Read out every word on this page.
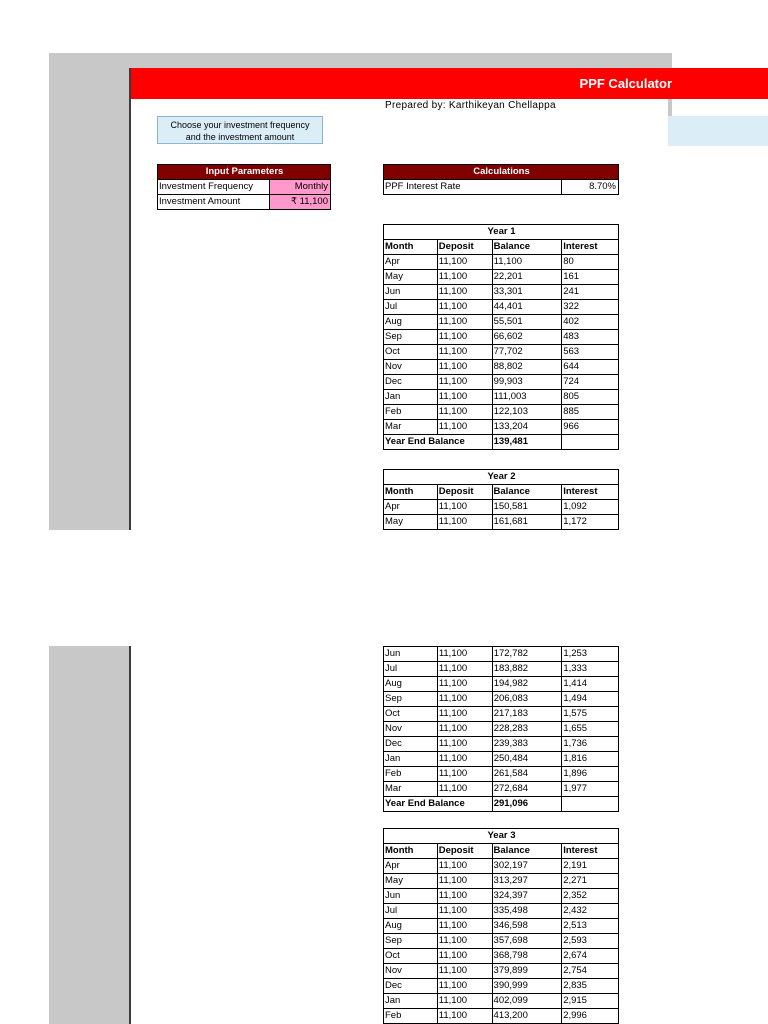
PPF Calculator
Prepared by: Karthikeyan Chellappa
Choose your investment frequency
and the investment amount
Input Parameters	
Investment Frequency	Monthly
Investment Amount	₹ 11,100
Calculations
PPF Interest Rate	8.70%
Year 1			
Month	Deposit	Balance	Interest
Apr	11,100	11,100	80
May	11,100	22,201	161
Jun	11,100	33,301	241
Jul	11,100	44,401	322
Aug	11,100	55,501	402
Sep	11,100	66,602	483
Oct	11,100	77,702	563
Nov	11,100	88,802	644
Dec	11,100	99,903	724
Jan	11,100	111,003	805
Feb	11,100	122,103	885
Mar	11,100	133,204	966
Year End Balance		139,481	
Year 2			
Month	Deposit	Balance	Interest
Apr	11,100	150,581	1,092
May	11,100	161,681	1,172
Jun	11,100	172,782	1,253
Jul	11,100	183,882	1,333
Aug	11,100	194,982	1,414
Sep	11,100	206,083	1,494
Oct	11,100	217,183	1,575
Nov	11,100	228,283	1,655
Dec	11,100	239,383	1,736
Jan	11,100	250,484	1,816
Feb	11,100	261,584	1,896
Mar	11,100	272,684	1,977
Year End Balance		291,096	
Year 3			
Month	Deposit	Balance	Interest
Apr	11,100	302,197	2,191
May	11,100	313,297	2,271
Jun	11,100	324,397	2,352
Jul	11,100	335,498	2,432
Aug	11,100	346,598	2,513
Sep	11,100	357,698	2,593
Oct	11,100	368,798	2,674
Nov	11,100	379,899	2,754
Dec	11,100	390,999	2,835
Jan	11,100	402,099	2,915
Feb	11,100	413,200	2,996
